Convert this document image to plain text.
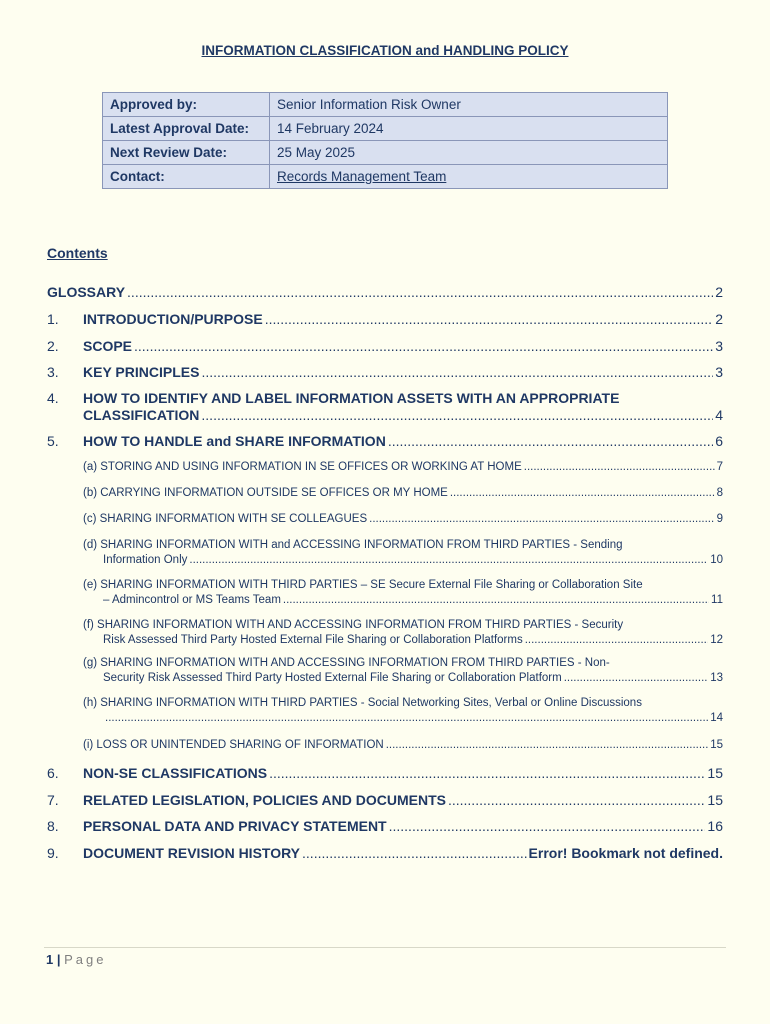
INFORMATION CLASSIFICATION and HANDLING POLICY
Approved by:	Senior Information Risk Owner
Latest Approval Date:	14 February 2024
Next Review Date:	25 May 2025
Contact:	Records Management Team
Contents
GLOSSARY .....	2
1.	INTRODUCTION/PURPOSE .....	2
2.	SCOPE .....	3
3.	KEY PRINCIPLES .....	3
4.	HOW TO IDENTIFY AND LABEL INFORMATION ASSETS WITH AN APPROPRIATE
CLASSIFICATION .....	4
5.	HOW TO HANDLE and SHARE INFORMATION .....	6
(a) STORING AND USING INFORMATION IN SE OFFICES OR WORKING AT HOME .....	7
(b) CARRYING INFORMATION OUTSIDE SE OFFICES OR MY HOME .....	8
(c) SHARING INFORMATION WITH SE COLLEAGUES .....	9
(d) SHARING INFORMATION WITH and ACCESSING INFORMATION FROM THIRD PARTIES - Sending
Information Only .....	10
(e) SHARING INFORMATION WITH THIRD PARTIES – SE Secure External File Sharing or Collaboration Site
– Admincontrol or MS Teams Team .....	11
(f) SHARING INFORMATION WITH AND ACCESSING INFORMATION FROM THIRD PARTIES - Security
Risk Assessed Third Party Hosted External File Sharing or Collaboration Platforms .....	12
(g) SHARING INFORMATION WITH AND ACCESSING INFORMATION FROM THIRD PARTIES - Non-
Security Risk Assessed Third Party Hosted External File Sharing or Collaboration Platform .....	13
(h) SHARING INFORMATION WITH THIRD PARTIES - Social Networking Sites, Verbal or Online Discussions
.....
14
(i) LOSS OR UNINTENDED SHARING OF INFORMATION .....	15
6.	NON-SE CLASSIFICATIONS .....	15
7.	RELATED LEGISLATION, POLICIES AND DOCUMENTS .....	15
8.	PERSONAL DATA AND PRIVACY STATEMENT .....	16
9.	DOCUMENT REVISION HISTORY .....	Error! Bookmark not defined.
1 | Page
